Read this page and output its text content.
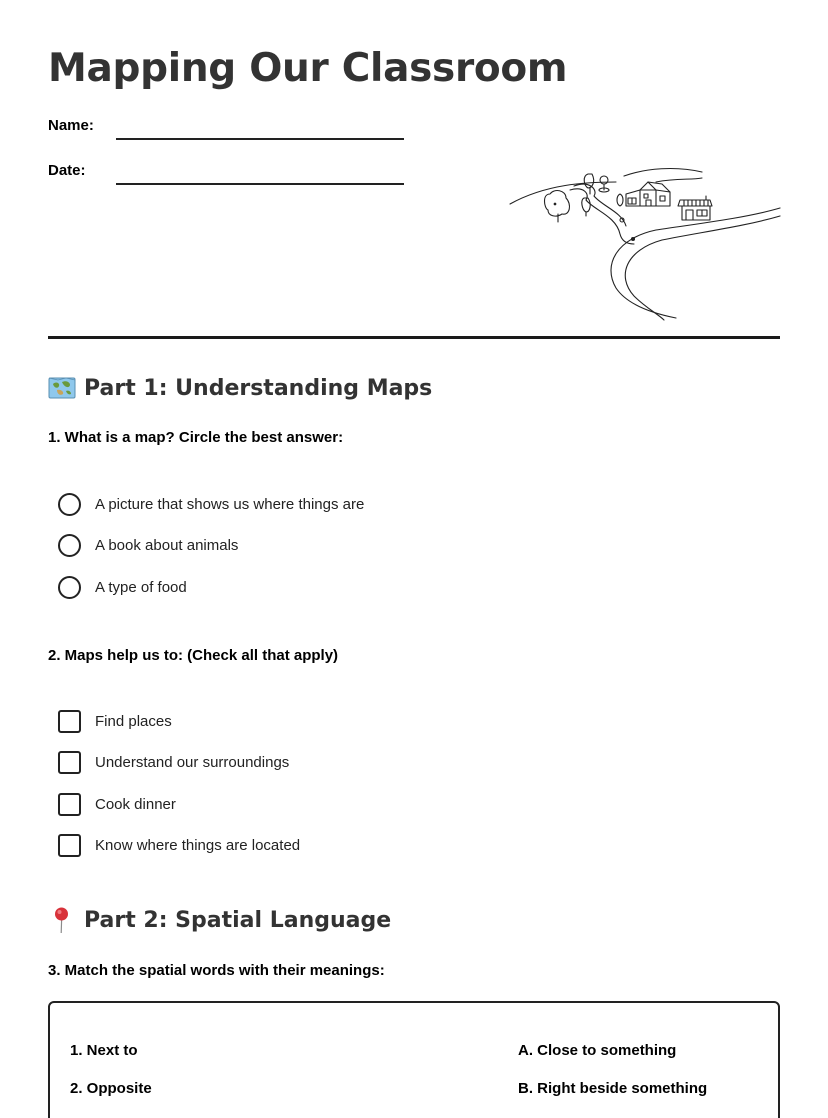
Mapping Our Classroom
Name:
Date:
Part 1: Understanding Maps
1. What is a map? Circle the best answer:
A picture that shows us where things are
A book about animals
A type of food
2. Maps help us to: (Check all that apply)
Find places
Understand our surroundings
Cook dinner
Know where things are located
Part 2: Spatial Language
3. Match the spatial words with their meanings:
1. Next to
2. Opposite
A. Close to something
B. Right beside something
